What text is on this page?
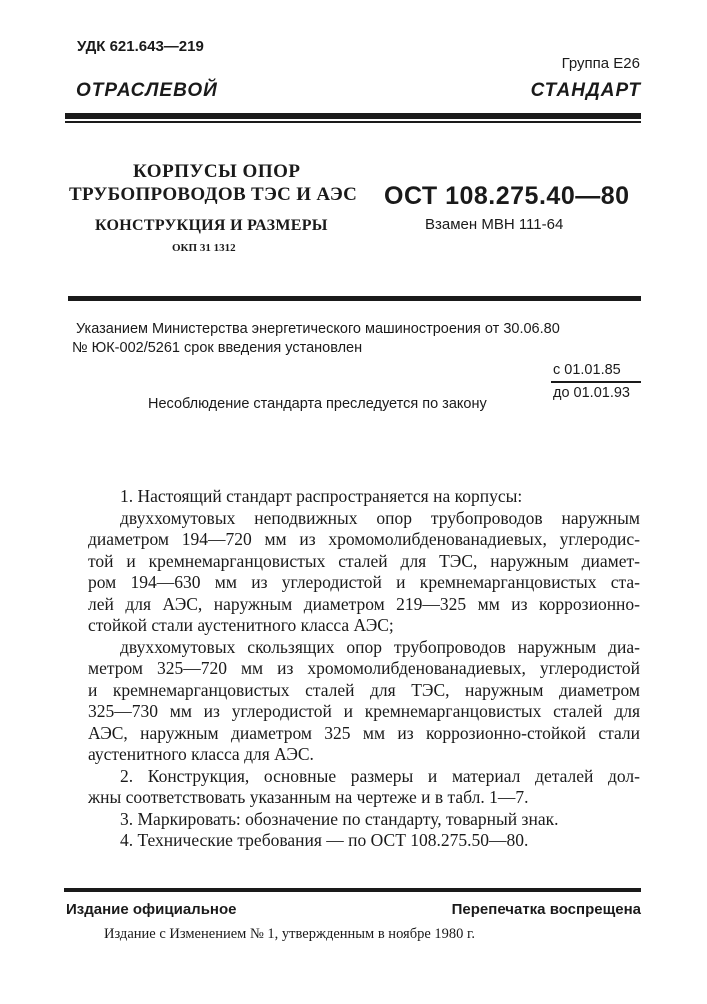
УДК 621.643—219
Группа Е26
ОТРАСЛЕВОЙ СТАНДАРТ
КОРПУСЫ ОПОР
ТРУБОПРОВОДОВ ТЭС И АЭС
КОНСТРУКЦИЯ И РАЗМЕРЫ
ОКП 31 1312
ОСТ 108.275.40—80
Взамен МВН 111-64
Указанием Министерства энергетического машиностроения от 30.06.80
№ ЮК-002/5261 срок введения установлен
с 01.01.85
до 01.01.93
Несоблюдение стандарта преследуется по закону
1. Настоящий стандарт распространяется на корпусы:
двуххомутовых неподвижных опор трубопроводов наружным
диаметром 194—720 мм из хромомолибденованадиевых, углеродис-
той и кремнемарганцовистых сталей для ТЭС, наружным диамет-
ром 194—630 мм из углеродистой и кремнемарганцовистых ста-
лей для АЭС, наружным диаметром 219—325 мм из коррозионно-
стойкой стали аустенитного класса АЭС;
двуххомутовых скользящих опор трубопроводов наружным диа-
метром 325—720 мм из хромомолибденованадиевых, углеродистой
и кремнемарганцовистых сталей для ТЭС, наружным диаметром
325—730 мм из углеродистой и кремнемарганцовистых сталей для
АЭС, наружным диаметром 325 мм из коррозионно-стойкой стали
аустенитного класса для АЭС.
2. Конструкция, основные размеры и материал деталей дол-
жны соответствовать указанным на чертеже и в табл. 1—7.
3. Маркировать: обозначение по стандарту, товарный знак.
4. Технические требования — по ОСТ 108.275.50—80.
Издание официальное	Перепечатка воспрещена
Издание с Изменением № 1, утвержденным в ноябре 1980 г.
